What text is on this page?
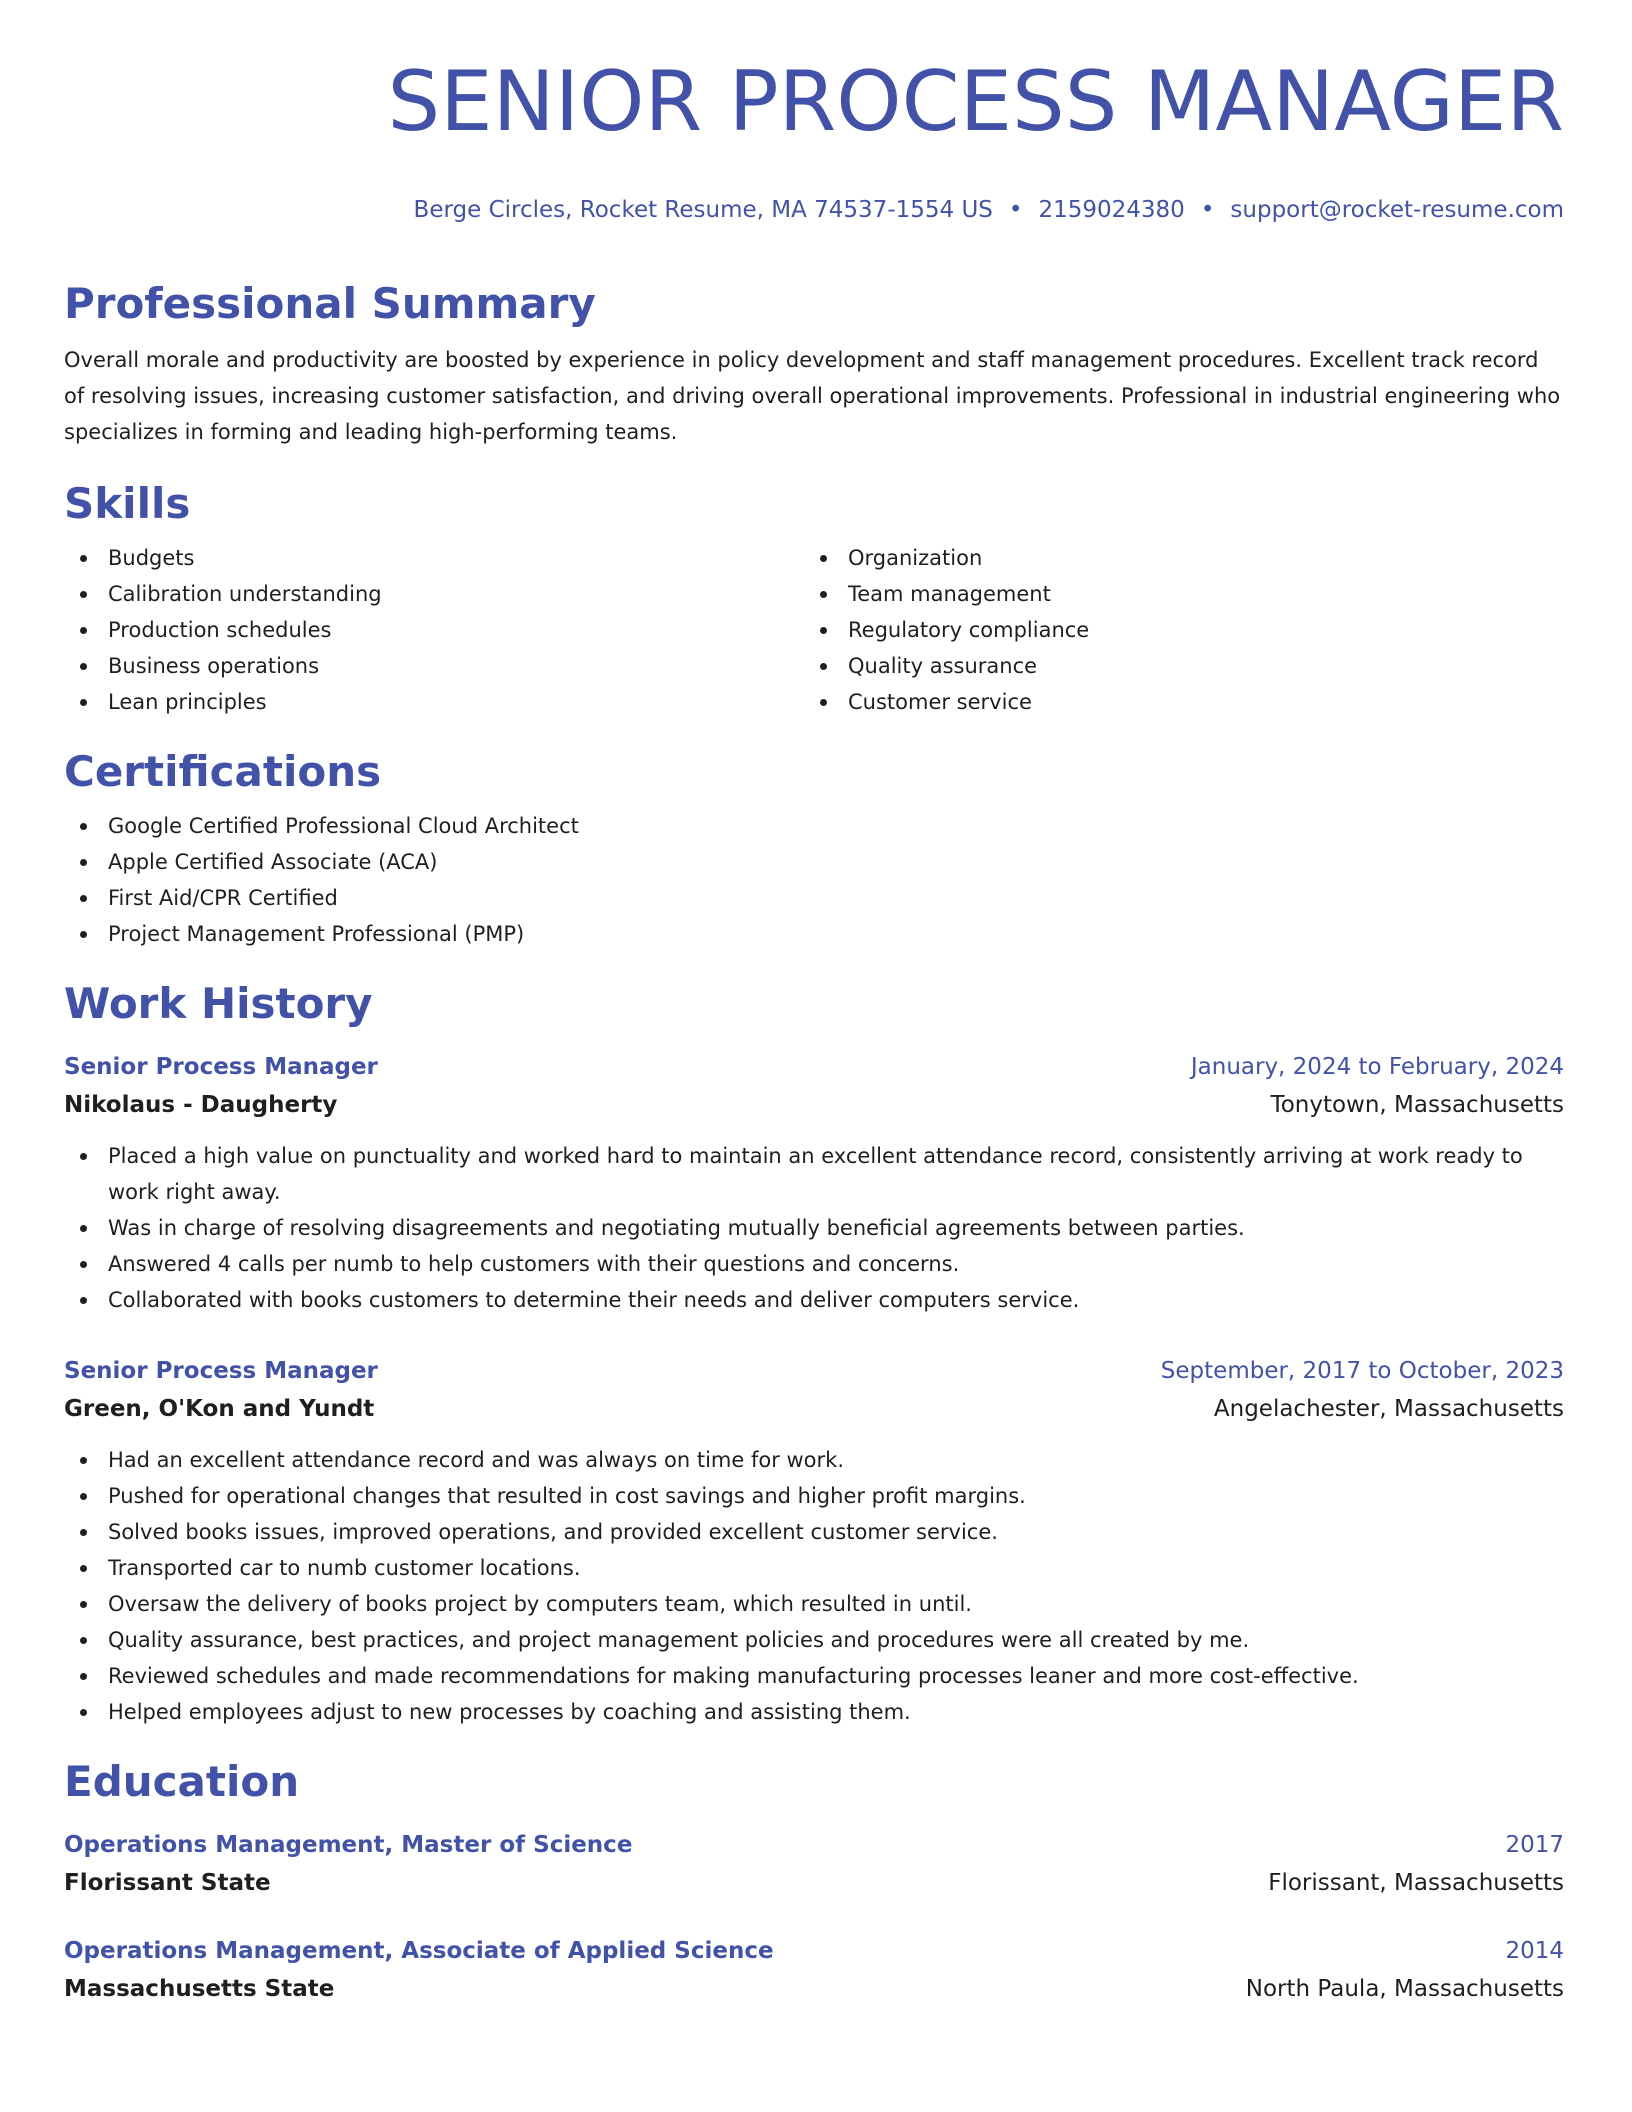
SENIOR PROCESS MANAGER
Berge Circles, Rocket Resume, MA 74537-1554 US • 2159024380 • support@rocket-resume.com
Professional Summary
Overall morale and productivity are boosted by experience in policy development and staff management procedures. Excellent track record of resolving issues, increasing customer satisfaction, and driving overall operational improvements. Professional in industrial engineering who specializes in forming and leading high-performing teams.
Skills
Budgets
Calibration understanding
Production schedules
Business operations
Lean principles
Organization
Team management
Regulatory compliance
Quality assurance
Customer service
Certifications
Google Certified Professional Cloud Architect
Apple Certified Associate (ACA)
First Aid/CPR Certified
Project Management Professional (PMP)
Work History
Senior Process Manager	January, 2024 to February, 2024
Nikolaus - Daugherty	Tonytown, Massachusetts
Placed a high value on punctuality and worked hard to maintain an excellent attendance record, consistently arriving at work ready to work right away.
Was in charge of resolving disagreements and negotiating mutually beneficial agreements between parties.
Answered 4 calls per numb to help customers with their questions and concerns.
Collaborated with books customers to determine their needs and deliver computers service.
Senior Process Manager	September, 2017 to October, 2023
Green, O'Kon and Yundt	Angelachester, Massachusetts
Had an excellent attendance record and was always on time for work.
Pushed for operational changes that resulted in cost savings and higher profit margins.
Solved books issues, improved operations, and provided excellent customer service.
Transported car to numb customer locations.
Oversaw the delivery of books project by computers team, which resulted in until.
Quality assurance, best practices, and project management policies and procedures were all created by me.
Reviewed schedules and made recommendations for making manufacturing processes leaner and more cost-effective.
Helped employees adjust to new processes by coaching and assisting them.
Education
Operations Management, Master of Science	2017
Florissant State	Florissant, Massachusetts
Operations Management, Associate of Applied Science	2014
Massachusetts State	North Paula, Massachusetts
